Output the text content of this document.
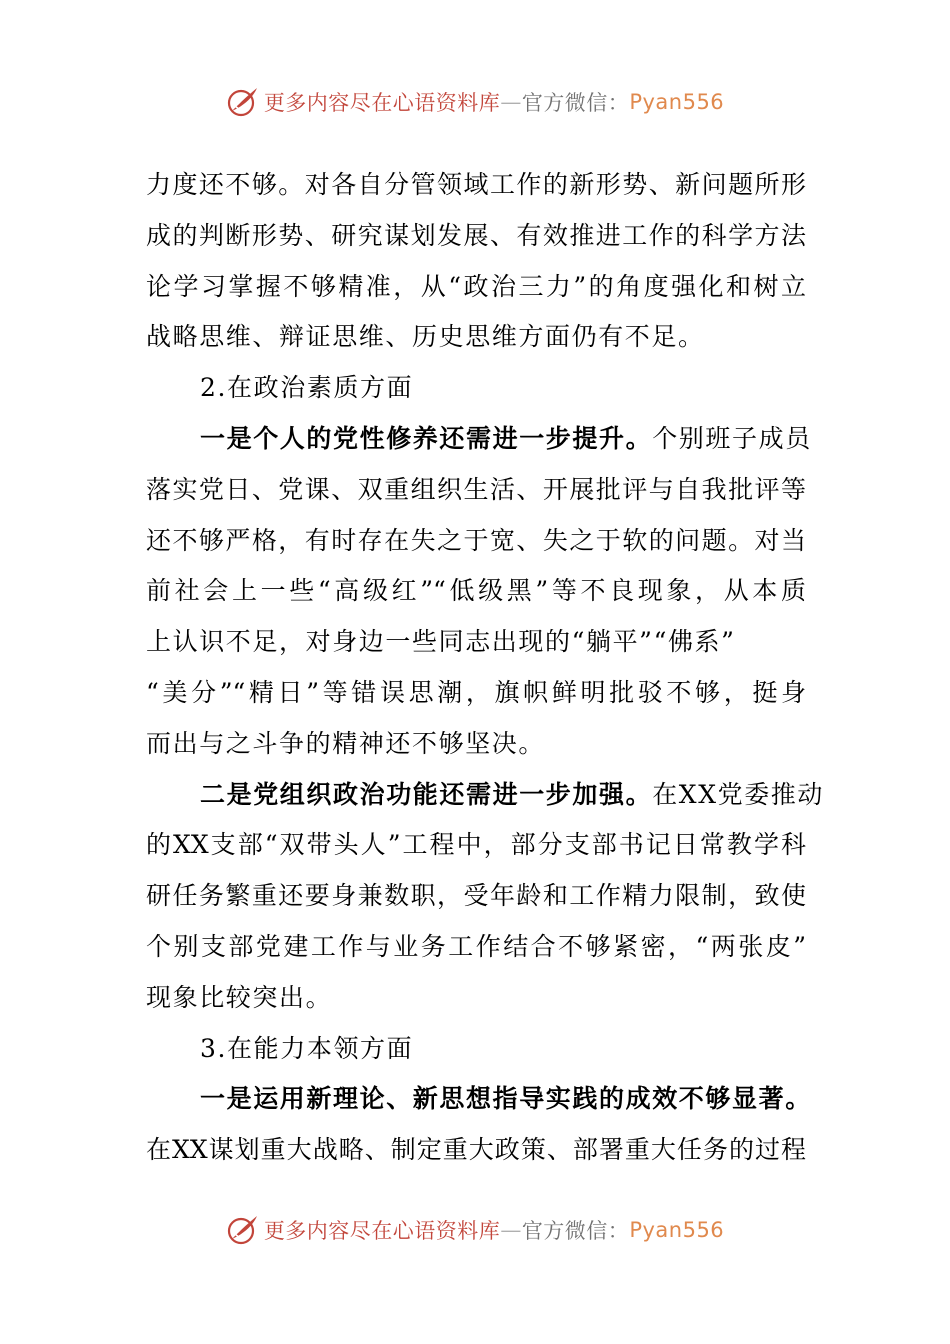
更多内容尽在心语资料库 — 官方微信： Pyan556
力度还不够。对各自分管领域工作的新形势、新问题所形
成的判断形势、研究谋划发展、有效推进工作的科学方法
论学习掌握不够精准，从“政治三力”的角度强化和树立
战略思维、辩证思维、历史思维方面仍有不足。
2.在政治素质方面
一是个人的党性修养还需进一步提升。个别班子成员
落实党日、党课、双重组织生活、开展批评与自我批评等
还不够严格，有时存在失之于宽、失之于软的问题。对当
前社会上一些“高级红”“低级黑”等不良现象，从本质
上认识不足，对身边一些同志出现的“躺平”“佛系”
“美分”“精日”等错误思潮，旗帜鲜明批驳不够，挺身
而出与之斗争的精神还不够坚决。
二是党组织政治功能还需进一步加强。在XX党委推动
的XX支部“双带头人”工程中，部分支部书记日常教学科
研任务繁重还要身兼数职，受年龄和工作精力限制，致使
个别支部党建工作与业务工作结合不够紧密，“两张皮”
现象比较突出。
3.在能力本领方面
一是运用新理论、新思想指导实践的成效不够显著。
在XX谋划重大战略、制定重大政策、部署重大任务的过程
更多内容尽在心语资料库 — 官方微信： Pyan556
